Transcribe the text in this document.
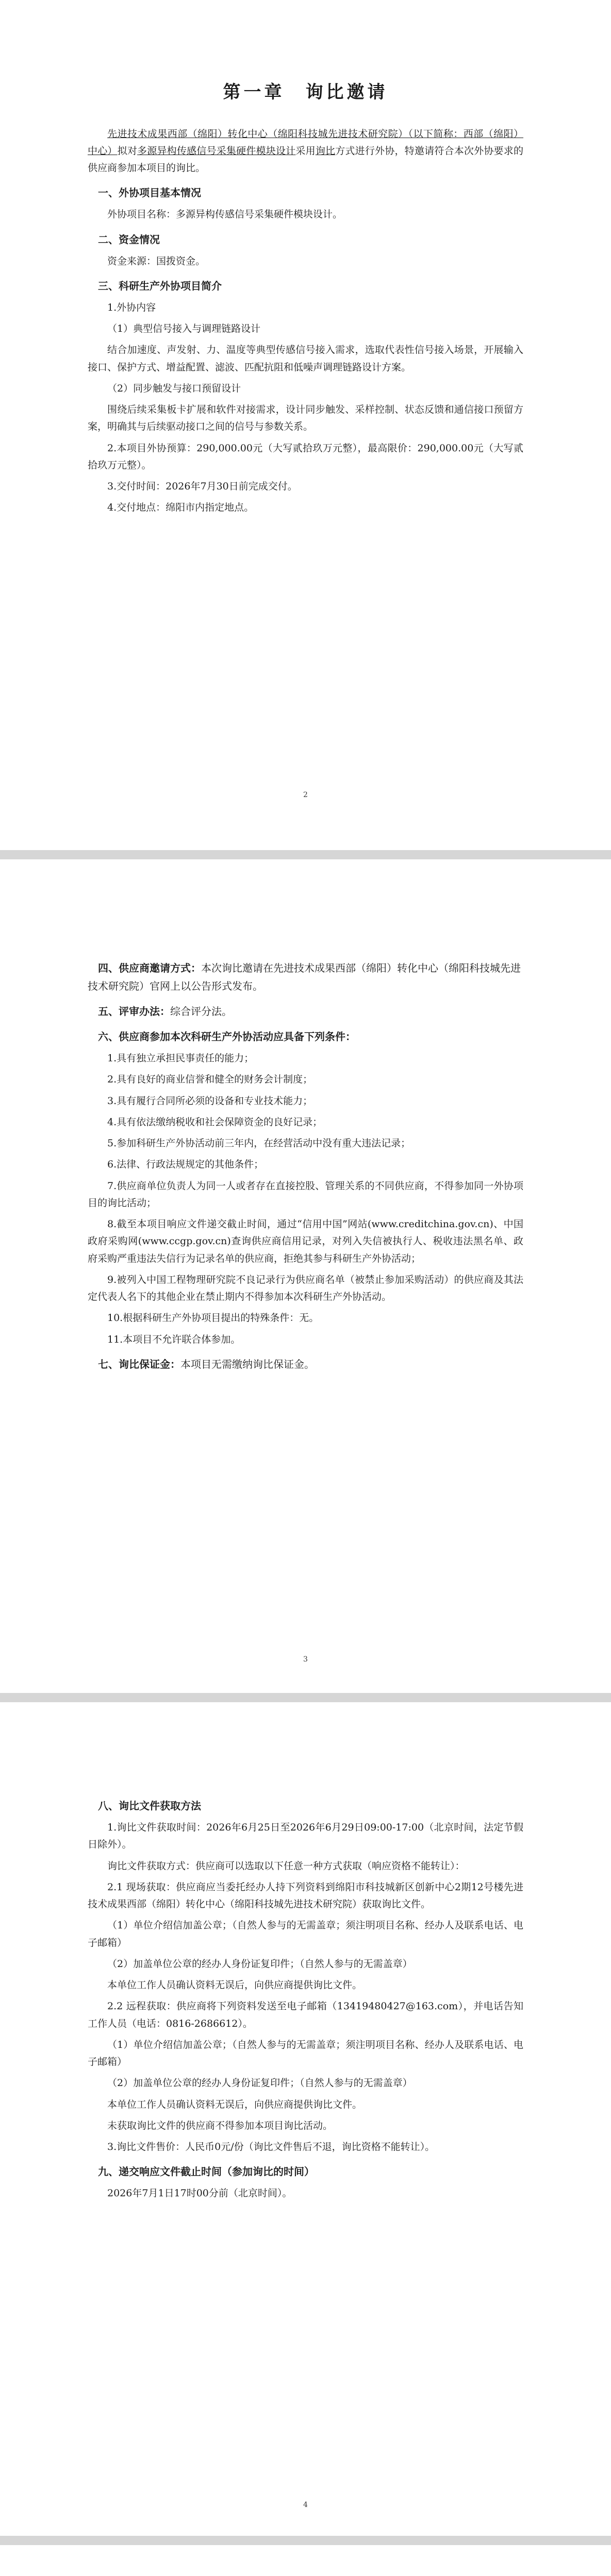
第一章　询比邀请

先进技术成果西部（绵阳）转化中心（绵阳科技城先进技术研究院）（以下简称：西部（绵阳）中心）拟对多源异构传感信号采集硬件模块设计采用询比方式进行外协，特邀请符合本次外协要求的供应商参加本项目的询比。

一、外协项目基本情况

外协项目名称：多源异构传感信号采集硬件模块设计。

二、资金情况

资金来源：国拨资金。

三、科研生产外协项目简介

1.外协内容

（1）典型信号接入与调理链路设计

结合加速度、声发射、力、温度等典型传感信号接入需求，选取代表性信号接入场景，开展输入接口、保护方式、增益配置、滤波、匹配抗阻和低噪声调理链路设计方案。

（2）同步触发与接口预留设计

围绕后续采集板卡扩展和软件对接需求，设计同步触发、采样控制、状态反馈和通信接口预留方案，明确其与后续驱动接口之间的信号与参数关系。

2.本项目外协预算：290,000.00元（大写贰拾玖万元整），最高限价：290,000.00元（大写贰拾玖万元整）。

3.交付时间：2026年7月30日前完成交付。

4.交付地点：绵阳市内指定地点。

2
四、供应商邀请方式：本次询比邀请在先进技术成果西部（绵阳）转化中心（绵阳科技城先进技术研究院）官网上以公告形式发布。
五、评审办法：综合评分法。
六、供应商参加本次科研生产外协活动应具备下列条件：

1.具有独立承担民事责任的能力；

2.具有良好的商业信誉和健全的财务会计制度；

3.具有履行合同所必须的设备和专业技术能力；

4.具有依法缴纳税收和社会保障资金的良好记录；

5.参加科研生产外协活动前三年内，在经营活动中没有重大违法记录；

6.法律、行政法规规定的其他条件；

7.供应商单位负责人为同一人或者存在直接控股、管理关系的不同供应商，不得参加同一外协项目的询比活动；

8.截至本项目响应文件递交截止时间，通过“信用中国”网站(www.creditchina.gov.cn)、中国政府采购网(www.ccgp.gov.cn)查询供应商信用记录，对列入失信被执行人、税收违法黑名单、政府采购严重违法失信行为记录名单的供应商，拒绝其参与科研生产外协活动；

9.被列入中国工程物理研究院不良记录行为供应商名单（被禁止参加采购活动）的供应商及其法定代表人名下的其他企业在禁止期内不得参加本次科研生产外协活动。

10.根据科研生产外协项目提出的特殊条件：无。

11.本项目不允许联合体参加。

七、询比保证金：本项目无需缴纳询比保证金。
3
八、询比文件获取方法

1.询比文件获取时间：2026年6月25日至2026年6月29日09:00-17:00（北京时间，法定节假日除外）。

询比文件获取方式：供应商可以选取以下任意一种方式获取（响应资格不能转让）：

2.1 现场获取：供应商应当委托经办人持下列资料到绵阳市科技城新区创新中心2期12号楼先进技术成果西部（绵阳）转化中心（绵阳科技城先进技术研究院）获取询比文件。

（1）单位介绍信加盖公章；（自然人参与的无需盖章；须注明项目名称、经办人及联系电话、电子邮箱）

（2）加盖单位公章的经办人身份证复印件；（自然人参与的无需盖章）

本单位工作人员确认资料无误后，向供应商提供询比文件。

2.2 远程获取：供应商将下列资料发送至电子邮箱（13419480427@163.com），并电话告知工作人员（电话：0816-2686612）。

（1）单位介绍信加盖公章；（自然人参与的无需盖章；须注明项目名称、经办人及联系电话、电子邮箱）

（2）加盖单位公章的经办人身份证复印件；（自然人参与的无需盖章）

本单位工作人员确认资料无误后，向供应商提供询比文件。

未获取询比文件的供应商不得参加本项目询比活动。

3.询比文件售价：人民币0元/份（询比文件售后不退，询比资格不能转让）。

九、递交响应文件截止时间（参加询比的时间）

2026年7月1日17时00分前（北京时间）。

4
